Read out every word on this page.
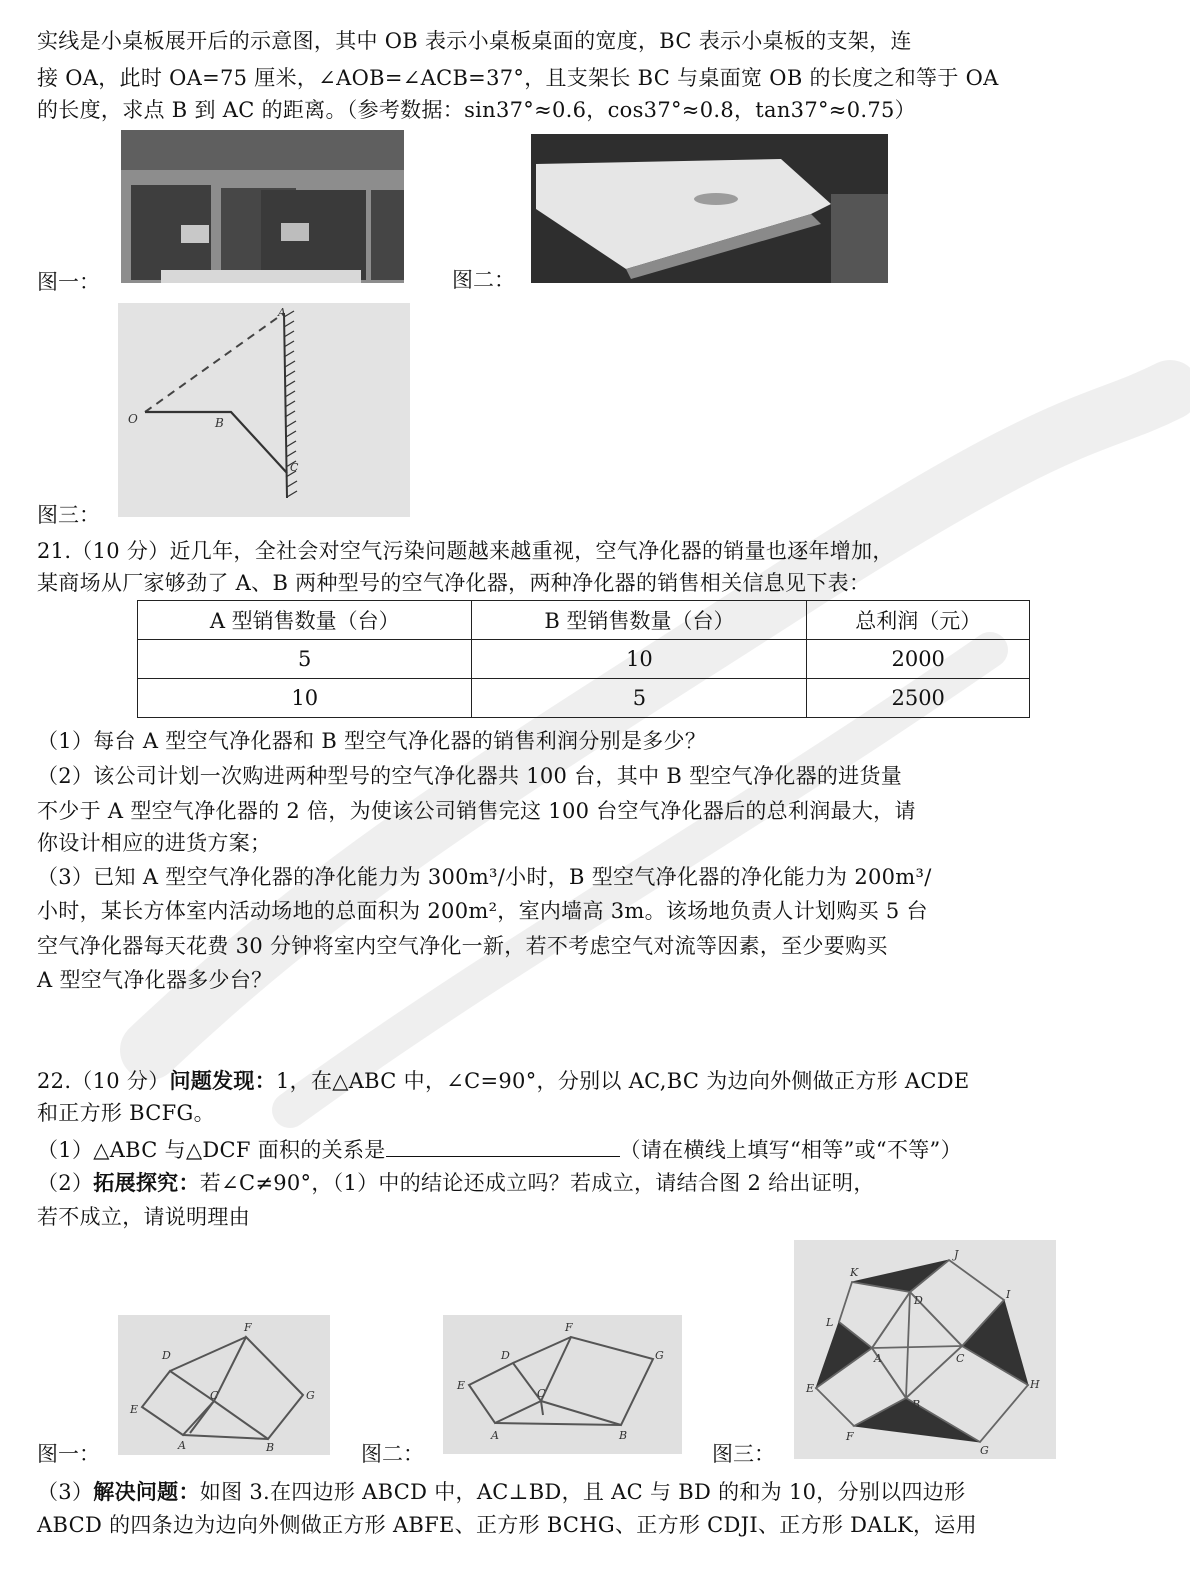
实线是小桌板展开后的示意图，其中 OB 表示小桌板桌面的宽度，BC 表示小桌板的支架，连
接 OA，此时 OA=75 厘米，∠AOB=∠ACB=37°，且支架长 BC 与桌面宽 OB 的长度之和等于 OA
的长度，求点 B 到 AC 的距离。（参考数据：sin37°≈0.6，cos37°≈0.8，tan37°≈0.75）
图一：	图二：
A
O	B
C
图三：
21.（10 分）近几年，全社会对空气污染问题越来越重视，空气净化器的销量也逐年增加，
某商场从厂家够劲了 A、B 两种型号的空气净化器，两种净化器的销售相关信息见下表：
A 型销售数量（台）	B 型销售数量（台）	总利润（元）
5	10	2000
10	5	2500
（1）每台 A 型空气净化器和 B 型空气净化器的销售利润分别是多少？
（2）该公司计划一次购进两种型号的空气净化器共 100 台，其中 B 型空气净化器的进货量
不少于 A 型空气净化器的 2 倍，为使该公司销售完这 100 台空气净化器后的总利润最大，请
你设计相应的进货方案；
（3）已知 A 型空气净化器的净化能力为 300m³/小时，B 型空气净化器的净化能力为 200m³/
小时，某长方体室内活动场地的总面积为 200m²，室内墙高 3m。该场地负责人计划购买 5 台
空气净化器每天花费 30 分钟将室内空气净化一新，若不考虑空气对流等因素，至少要购买
A 型空气净化器多少台？
22.（10 分）问题发现：1，在△ABC 中，∠C=90°，分别以 AC,BC 为边向外侧做正方形 ACDE
和正方形 BCFG。
（1）△ABC 与△DCF 面积的关系是	（请在横线上填写“相等”或“不等”）
（2）拓展探究：若∠C≠90°，（1）中的结论还成立吗？若成立，请结合图 2 给出证明，
若不成立，请说明理由
D
F
E
C	G
A	B
图一：
D
F
E
C
G
A	B
图二：
J
K
D	I
L
A	C
E	H
B
F
G
图三：
（3）解决问题：如图 3.在四边形 ABCD 中，AC⊥BD，且 AC 与 BD 的和为 10，分别以四边形
ABCD 的四条边为边向外侧做正方形 ABFE、正方形 BCHG、正方形 CDJI、正方形 DALK，运用
